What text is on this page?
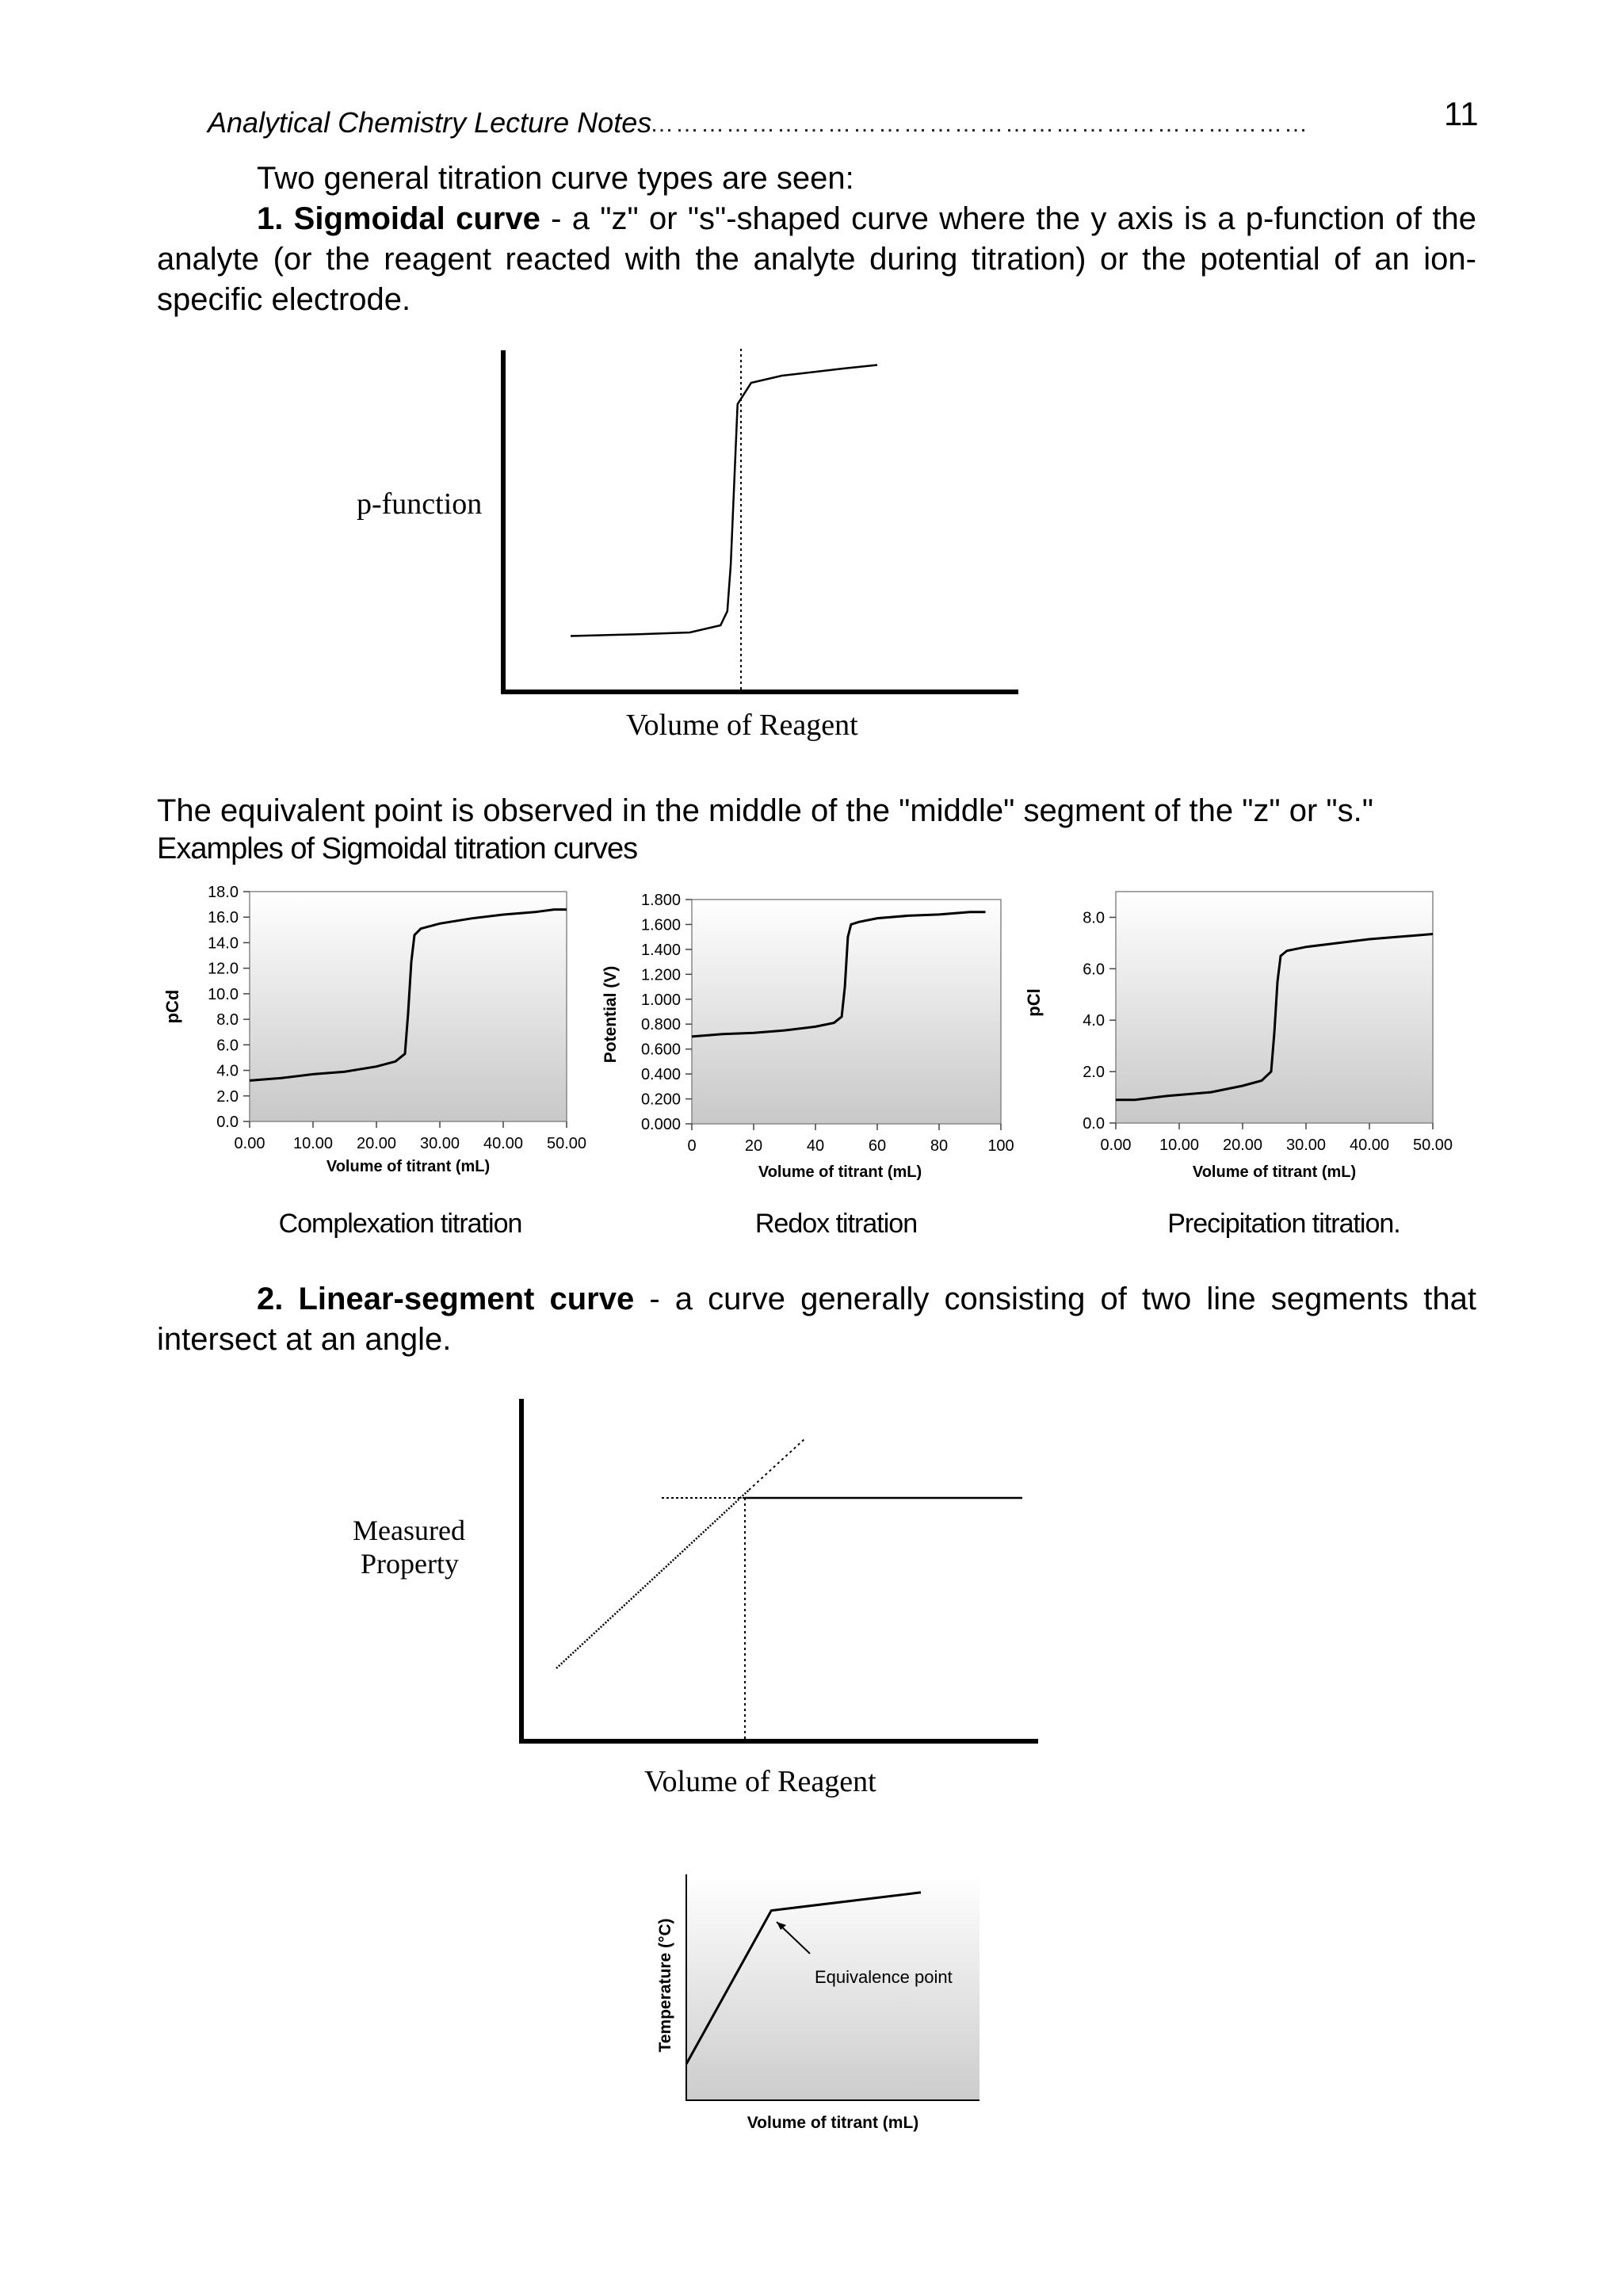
Analytical Chemistry Lecture Notes
……………………………………………………………………	11
Two general titration curve types are seen:
1. Sigmoidal curve - a "z" or "s"-shaped curve where the y axis is a p-function of the analyte (or the reagent reacted with the analyte during titration) or the potential of an ion-specific electrode.
p-function
Volume of Reagent
The equivalent point is observed in the middle of the "middle" segment of the "z" or "s."
Examples of Sigmoidal titration curves
0.0
2.0
4.0
6.0
8.0
10.0
12.0
14.0
16.0
18.0
0.00 10.00 20.00 30.00 40.00 50.00
pCd
Volume of titrant (mL)
0.000
0.200
0.400
0.600
0.800
1.000
1.200
1.400
1.600
1.800
0	20	40	60	80	100
Potential (V)
Volume of titrant (mL)
0.0
2.0
4.0
6.0
8.0
0.00 10.00 20.00 30.00 40.00 50.00
pCl
Volume of titrant (mL)
Complexation titration	Redox titration	Precipitation titration.
2. Linear-segment curve - a curve generally consisting of two line segments that intersect at an angle.
Measured Property
Volume of Reagent
Equivalence point
Temperature (°C)
Volume of titrant (mL)
